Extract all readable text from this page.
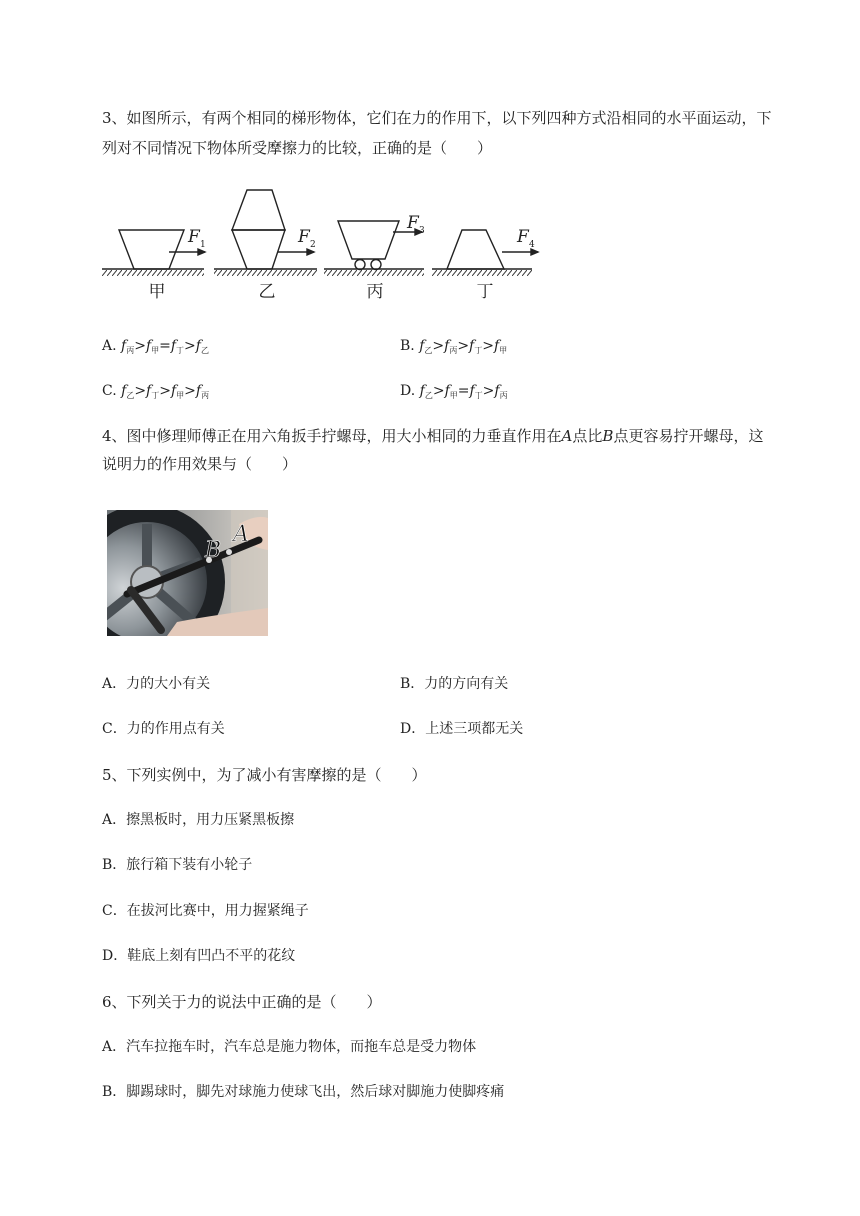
3、如图所示，有两个相同的梯形物体，它们在力的作用下，以下列四种方式沿相同的水平面运动，下
列对不同情况下物体所受摩擦力的比较，正确的是（　　）
F 1	F 2
F 3	F 4
甲	乙	丙	丁
A. $f_丙>f_甲=f_丁>f_乙$	B. $f_乙>f_丙>f_丁>f_甲$
C. $f_乙>f_丁>f_甲>f_丙$	D. $f_乙>f_甲=f_丁>f_丙$
4、图中修理师傅正在用六角扳手拧螺母，用大小相同的力垂直作用在A点比B点更容易拧开螺母，这
说明力的作用效果与（　　）
B
A
A．力的大小有关	B．力的方向有关
C．力的作用点有关	D．上述三项都无关
5、下列实例中，为了减小有害摩擦的是（　　）
A．擦黑板时，用力压紧黑板擦
B．旅行箱下装有小轮子
C．在拔河比赛中，用力握紧绳子
D．鞋底上刻有凹凸不平的花纹
6、下列关于力的说法中正确的是（　　）
A．汽车拉拖车时，汽车总是施力物体，而拖车总是受力物体
B．脚踢球时，脚先对球施力使球飞出，然后球对脚施力使脚疼痛
